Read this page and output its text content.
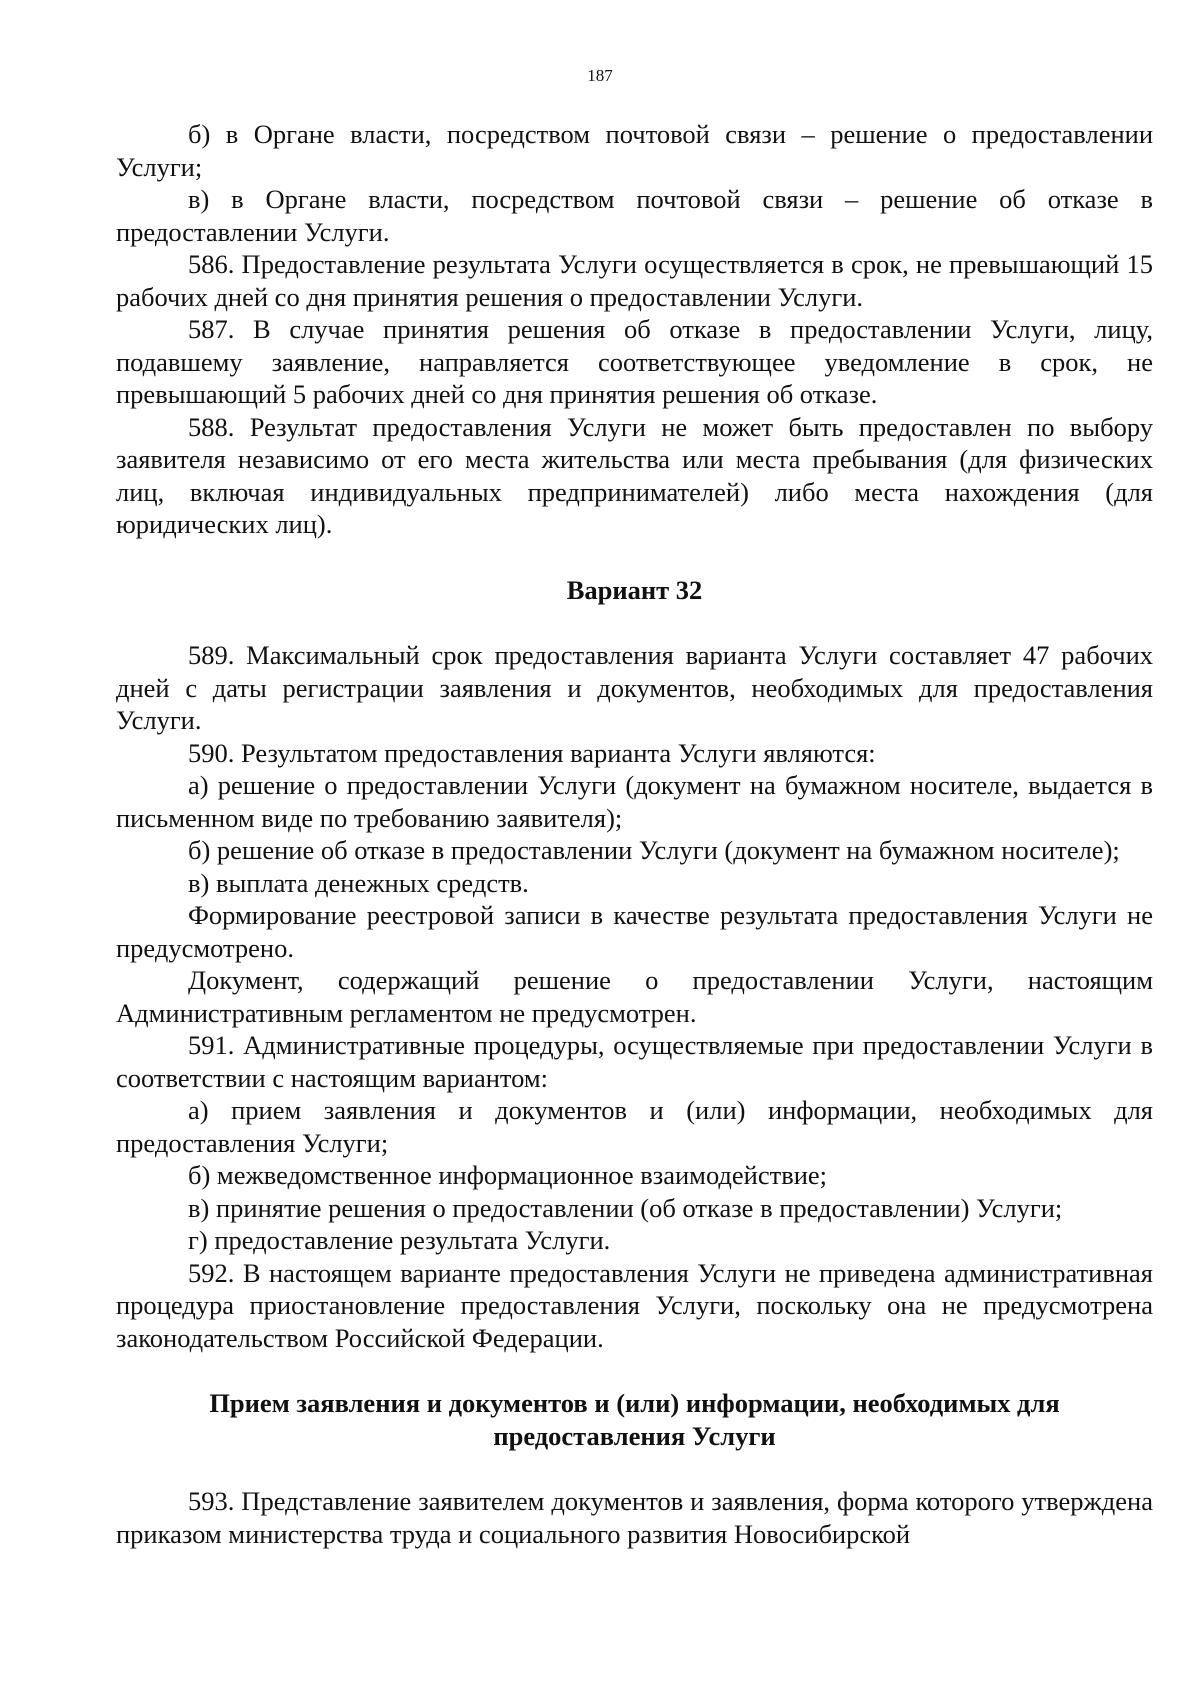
187

б) в Органе власти, посредством почтовой связи – решение о предоставлении Услуги;

в) в Органе власти, посредством почтовой связи – решение об отказе в предоставлении Услуги.

586. Предоставление результата Услуги осуществляется в срок, не превышающий 15 рабочих дней со дня принятия решения о предоставлении Услуги.

587. В случае принятия решения об отказе в предоставлении Услуги, лицу, подавшему заявление, направляется соответствующее уведомление в срок, не превышающий 5 рабочих дней со дня принятия решения об отказе.

588. Результат предоставления Услуги не может быть предоставлен по выбору заявителя независимо от его места жительства или места пребывания (для физических лиц, включая индивидуальных предпринимателей) либо места нахождения (для юридических лиц).

Вариант 32

589. Максимальный срок предоставления варианта Услуги составляет 47 рабочих дней с даты регистрации заявления и документов, необходимых для предоставления Услуги.

590. Результатом предоставления варианта Услуги являются:

а) решение о предоставлении Услуги (документ на бумажном носителе, выдается в письменном виде по требованию заявителя);

б) решение об отказе в предоставлении Услуги (документ на бумажном носителе);

в) выплата денежных средств.

Формирование реестровой записи в качестве результата предоставления Услуги не предусмотрено.

Документ, содержащий решение о предоставлении Услуги, настоящим Административным регламентом не предусмотрен.

591. Административные процедуры, осуществляемые при предоставлении Услуги в соответствии с настоящим вариантом:

а) прием заявления и документов и (или) информации, необходимых для предоставления Услуги;

б) межведомственное информационное взаимодействие;

в) принятие решения о предоставлении (об отказе в предоставлении) Услуги;

г) предоставление результата Услуги.

592. В настоящем варианте предоставления Услуги не приведена административная процедура приостановление предоставления Услуги, поскольку она не предусмотрена законодательством Российской Федерации.

Прием заявления и документов и (или) информации, необходимых для предоставления Услуги

593. Представление заявителем документов и заявления, форма которого утверждена приказом министерства труда и социального развития Новосибирской
